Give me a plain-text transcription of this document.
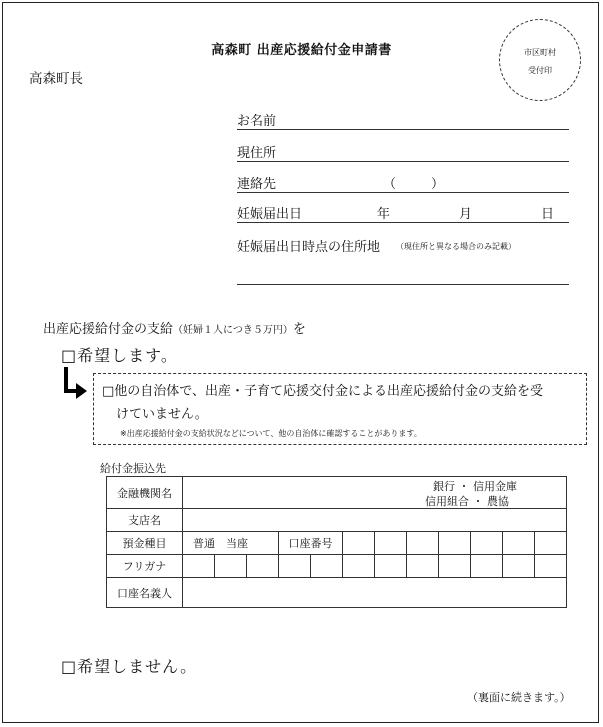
高森町 出産応援給付金申請書
高森町長
市区町村
受付印
お名前
現住所
連絡先	（	）
妊娠届出日	年	月	日
妊娠届出日時点の住所地 （現住所と異なる場合のみ記載）
出産応援給付金の支給（妊婦１人につき５万円）を
□希望します。
□他の自治体で、出産・子育て応援交付金による出産応援給付金の支給を受
けていません。
※出産応援給付金の支給状況などについて、他の自治体に確認することがあります。
給付金振込先
金融機関名	銀行 ・ 信用金庫
信用組合 ・ 農協											

支店名												
預金種目	普通　当座			口座番号								
フリガナ												
口座名義人												
□希望しません。
（裏面に続きます。）
